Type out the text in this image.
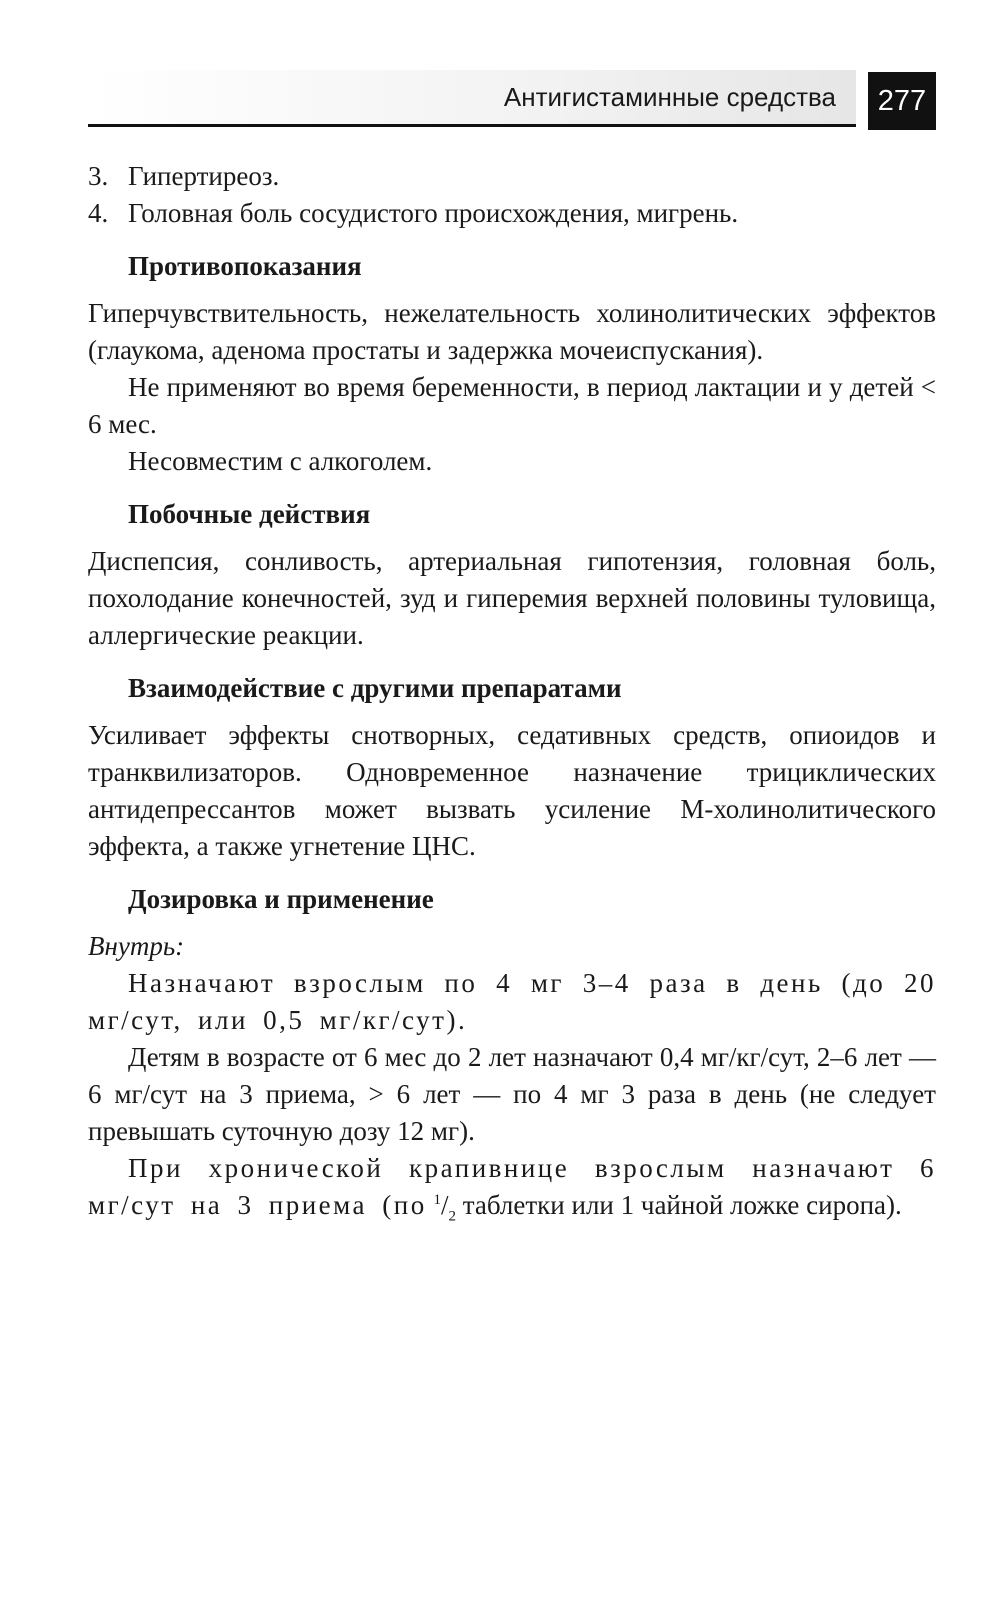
Антигистаминные средства	277
3. Гипертиреоз.
4. Головная боль сосудистого происхождения, мигрень.
Противопоказания

Гиперчувствительность, нежелательность холинолитических эффектов (глаукома, аденома простаты и задержка мочеиспускания).

Не применяют во время беременности, в период лактации и у детей < 6 мес.

Несовместим с алкоголем.

Побочные действия

Диспепсия, сонливость, артериальная гипотензия, головная боль, похолодание конечностей, зуд и гиперемия верхней половины туловища, аллергические реакции.

Взаимодействие с другими препаратами

Усиливает эффекты снотворных, седативных средств, опиоидов и транквилизаторов. Одновременное назначение трициклических антидепрессантов может вызвать усиление М-холинолитического эффекта, а также угнетение ЦНС.

Дозировка и применение

Внутрь:

Назначают взрослым по 4 мг 3–4 раза в день (до 20 мг/сут, или 0,5 мг/кг/сут).

Детям в возрасте от 6 мес до 2 лет назначают 0,4 мг/кг/сут, 2–6 лет — 6 мг/сут на 3 приема, > 6 лет — по 4 мг 3 раза в день (не следует превышать суточную дозу 12 мг).

При хронической крапивнице взрослым назначают 6 мг/сут на 3 приема (по $^1/_2$ таблетки или 1 чайной ложке сиропа).
